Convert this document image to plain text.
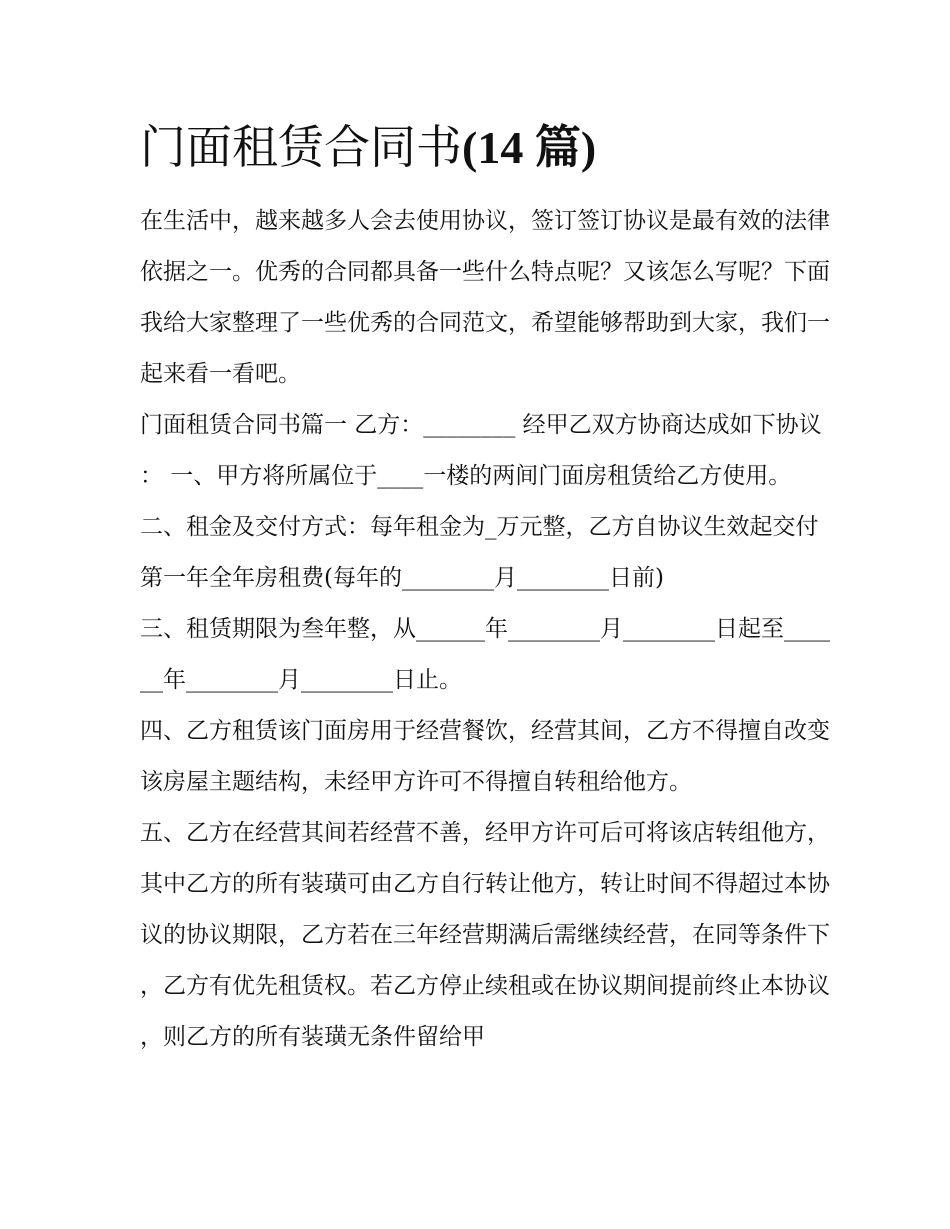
门面租赁合同书(14 篇)

在生活中，越来越多人会去使用协议，签订签订协议是最有效的法律依据之一。优秀的合同都具备一些什么特点呢？又该怎么写呢？下面我给大家整理了一些优秀的合同范文，希望能够帮助到大家，我们一起来看一看吧。

门面租赁合同书篇一 乙方：________ 经甲乙双方协商达成如下协议： 一、甲方将所属位于____一楼的两间门面房租赁给乙方使用。

二、租金及交付方式：每年租金为_万元整，乙方自协议生效起交付第一年全年房租费(每年的________月________日前)

三、租赁期限为叁年整，从______年________月________日起至______年________月________日止。

四、乙方租赁该门面房用于经营餐饮，经营其间，乙方不得擅自改变该房屋主题结构，未经甲方许可不得擅自转租给他方。

五、乙方在经营其间若经营不善，经甲方许可后可将该店转组他方，其中乙方的所有装璜可由乙方自行转让他方，转让时间不得超过本协议的协议期限，乙方若在三年经营期满后需继续经营，在同等条件下，乙方有优先租赁权。若乙方停止续租或在协议期间提前终止本协议，则乙方的所有装璜无条件留给甲
